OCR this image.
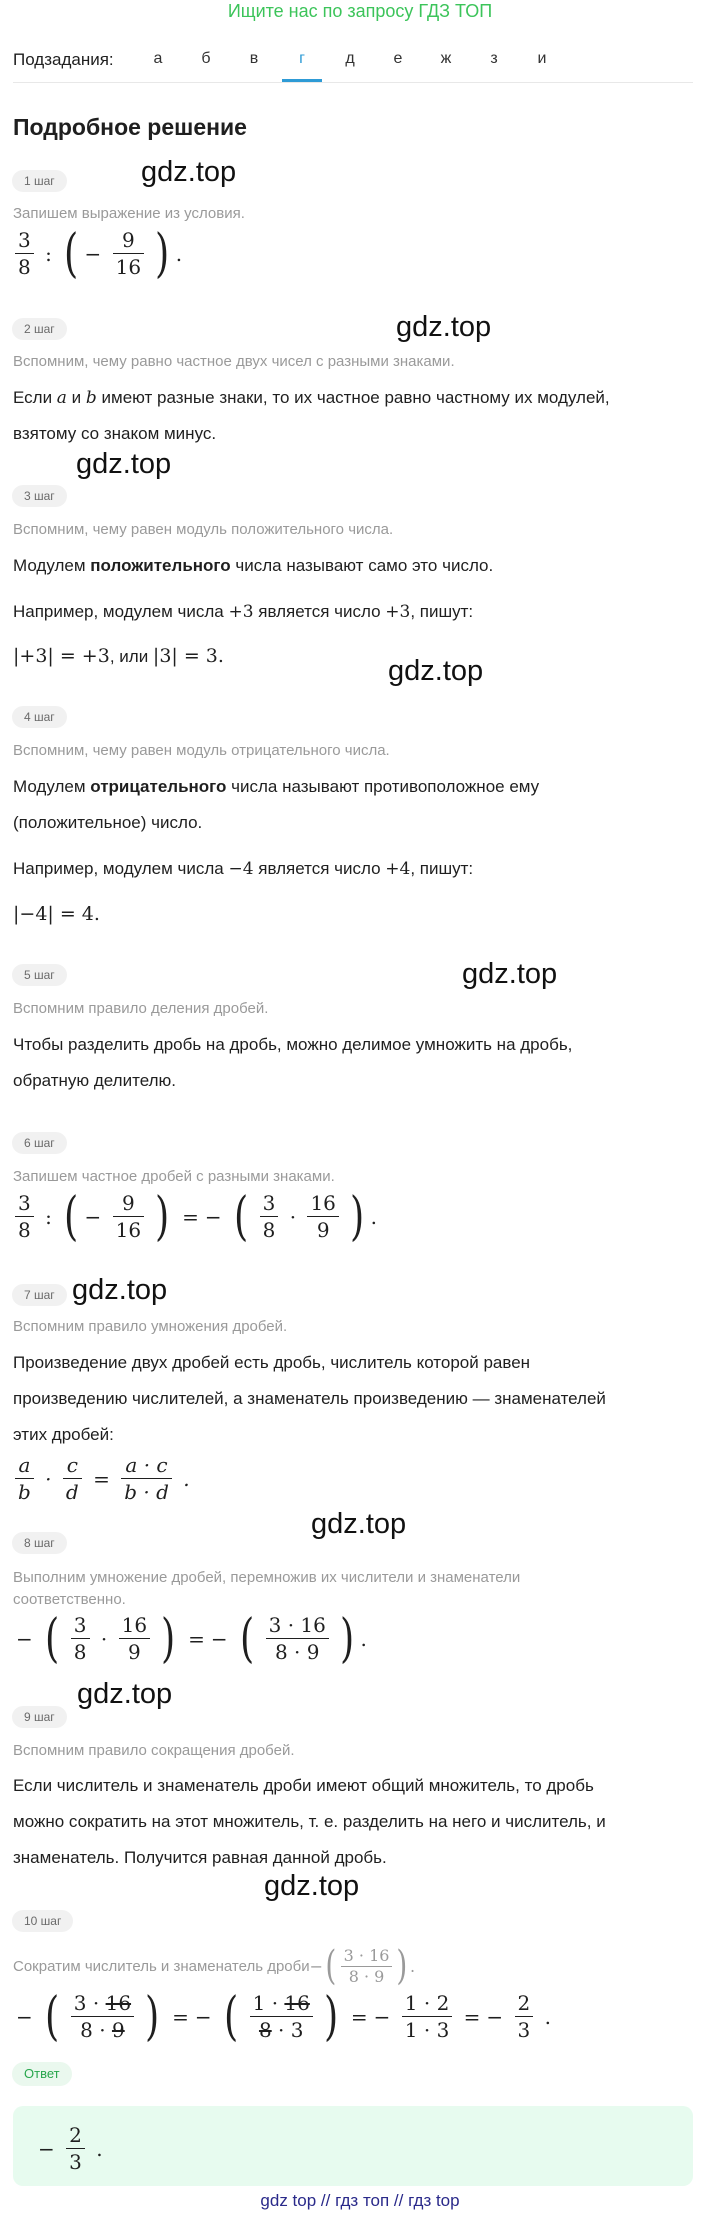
Ищите нас по запросу ГДЗ ТОП
Подзадания:	а	б	в	г	д	е	ж	з	и
Подробное решение
gdz.top
gdz.top
gdz.top
gdz.top
gdz.top
gdz.top
gdz.top
gdz.top
gdz.top
1 шаг

Запишем выражение из условия.

$\frac{3}{8}$ : ( − $\frac{9}{16}$ ) .
2 шаг

Вспомним, чему равно частное двух чисел с разными знаками.

Если a и b имеют разные знаки, то их частное равно частному их модулей,
взятому со знаком минус.

3 шаг

Вспомним, чему равен модуль положительного числа.

Модулем положительного числа называют само это число.

Например, модулем числа +3 является число +3, пишут:

|+3| = +3, или |3| = 3.

4 шаг

Вспомним, чему равен модуль отрицательного числа.

Модулем отрицательного числа называют противоположное ему
(положительное) число.

Например, модулем числа −4 является число +4, пишут:

|−4| = 4.

5 шаг

Вспомним правило деления дробей.

Чтобы разделить дробь на дробь, можно делимое умножить на дробь,
обратную делителю.

6 шаг

Запишем частное дробей с разными знаками.

$\frac{3}{8}$ : ( − $\frac{9}{16}$ ) = − ( $\frac{3}{8} \cdot \frac{16}{9}$ ) .
7 шаг

Вспомним правило умножения дробей.

Произведение двух дробей есть дробь, числитель которой равен
произведению числителей, а знаменатель произведению — знаменателей
этих дробей:

$\frac{a}{b} \cdot \frac{c}{d} = \frac{a \cdot c}{b \cdot d}$ .
8 шаг

Выполним умножение дробей, перемножив их числители и знаменатели

соответственно.

− ( $\frac{3}{8} \cdot \frac{16}{9}$ ) = − ( $\frac{3 \cdot 16}{8 \cdot 9}$ ) .
9 шаг

Вспомним правило сокращения дробей.

Если числитель и знаменатель дроби имеют общий множитель, то дробь
можно сократить на этот множитель, т. е. разделить на него и числитель, и
знаменатель. Получится равная данной дробь.

10 шаг
Сократим числитель и знаменатель дроби − ( $\frac{3 \cdot 16}{8 \cdot 9}$ ) .
− ( $\frac{3 \cdot 16}{8 \cdot 9}$ ) = − ( $\frac{1 \cdot 16}{8 \cdot 3}$ ) = − $\frac{1 \cdot 2}{1 \cdot 3}$ = − $\frac{2}{3}$ .
Ответ
− $\frac{2}{3}$ .
gdz top // гдз топ // гдз top
